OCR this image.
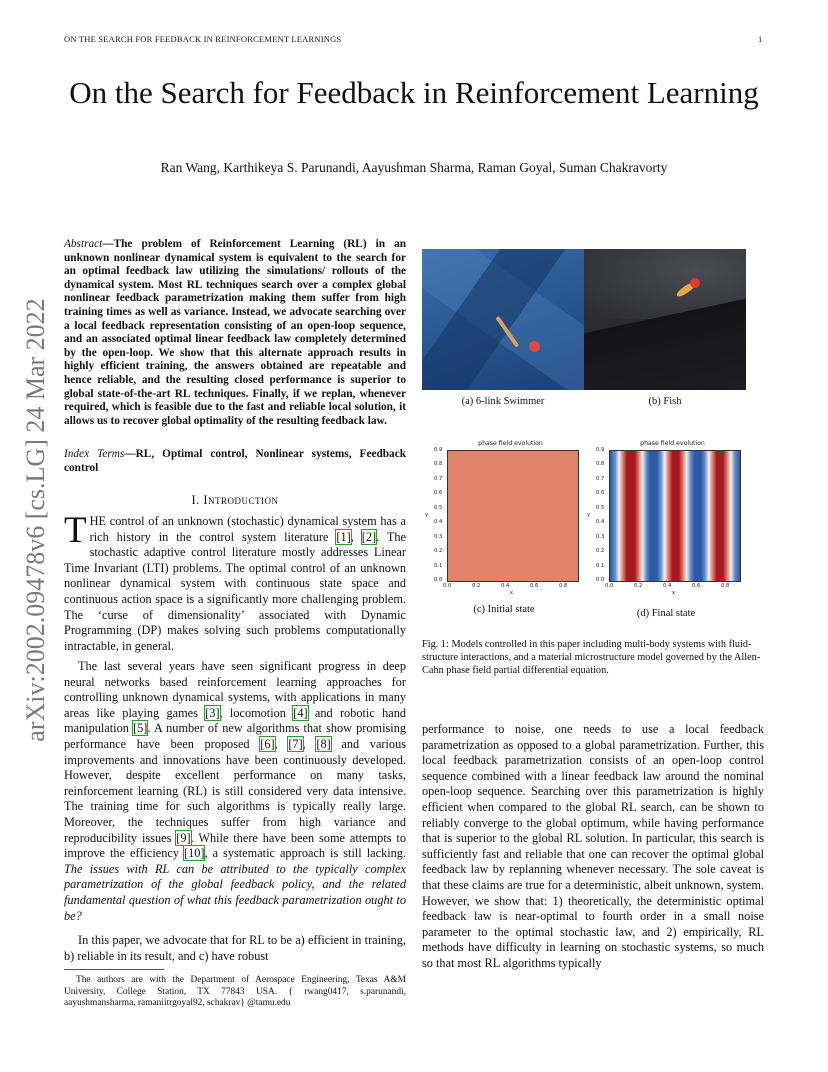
ON THE SEARCH FOR FEEDBACK IN REINFORCEMENT LEARNINGS	1
On the Search for Feedback in Reinforcement Learning
Ran Wang, Karthikeya S. Parunandi, Aayushman Sharma, Raman Goyal, Suman Chakravorty
arXiv:2002.09478v6 [cs.LG] 24 Mar 2022
Abstract—The problem of Reinforcement Learning (RL) in an unknown nonlinear dynamical system is equivalent to the search for an optimal feedback law utilizing the simulations/ rollouts of the dynamical system. Most RL techniques search over a complex global nonlinear feedback parametrization making them suffer from high training times as well as variance. Instead, we advocate searching over a local feedback representation consisting of an open-loop sequence, and an associated optimal linear feedback law completely determined by the open-loop. We show that this alternate approach results in highly efficient training, the answers obtained are repeatable and hence reliable, and the resulting closed performance is superior to global state-of-the-art RL techniques. Finally, if we replan, whenever required, which is feasible due to the fast and reliable local solution, it allows us to recover global optimality of the resulting feedback law.
Index Terms—RL, Optimal control, Nonlinear systems, Feedback control
I. Introduction
THE control of an unknown (stochastic) dynamical system has a rich history in the control system literature [1], [2]. The stochastic adaptive control literature mostly addresses Linear Time Invariant (LTI) problems. The optimal control of an unknown nonlinear dynamical system with continuous state space and continuous action space is a significantly more challenging problem. The ‘curse of dimensionality’ associated with Dynamic Programming (DP) makes solving such problems computationally intractable, in general.
The last several years have seen significant progress in deep neural networks based reinforcement learning approaches for controlling unknown dynamical systems, with applications in many areas like playing games [3], locomotion [4] and robotic hand manipulation [5]. A number of new algorithms that show promising performance have been proposed [6], [7], [8] and various improvements and innovations have been continuously developed. However, despite excellent performance on many tasks, reinforcement learning (RL) is still considered very data intensive. The training time for such algorithms is typically really large. Moreover, the techniques suffer from high variance and reproducibility issues [9]. While there have been some attempts to improve the efficiency [10], a systematic approach is still lacking. The issues with RL can be attributed to the typically complex parametrization of the global feedback policy, and the related fundamental question of what this feedback parametrization ought to be?
In this paper, we advocate that for RL to be a) efficient in training, b) reliable in its result, and c) have robust
The authors are with the Department of Aerospace Engineering, Texas A&M University, College Station, TX 77843 USA. { rwang0417, s.parunandi, aayushmansharma, ramaniitrgoyal92, schakrav} @tamu.edu
(a) 6-link Swimmer	(b) Fish
phase field evolution
0.0
0.1
0.2
0.3
0.4
0.5
0.6
0.7
0.8
0.9
y
0.0	0.2	0.4	0.6	0.8
x
phase field evolution
0.0
0.1
0.2
0.3
0.4
0.5
0.6
0.7
0.8
0.9
y
0.0	0.2	0.4	0.6	0.8
x
(c) Initial state	(d) Final state
Fig. 1: Models controlled in this paper including multi-body systems with fluid-structure interactions, and a material microstructure model governed by the Allen-Cahn phase field partial differential equation.
performance to noise, one needs to use a local feedback parametrization as opposed to a global parametrization. Further, this local feedback parametrization consists of an open-loop control sequence combined with a linear feedback law around the nominal open-loop sequence. Searching over this parametrization is highly efficient when compared to the global RL search, can be shown to reliably converge to the global optimum, while having performance that is superior to the global RL solution. In particular, this search is sufficiently fast and reliable that one can recover the optimal global feedback law by replanning whenever necessary. The sole caveat is that these claims are true for a deterministic, albeit unknown, system. However, we show that: 1) theoretically, the deterministic optimal feedback law is near-optimal to fourth order in a small noise parameter to the optimal stochastic law, and 2) empirically, RL methods have difficulty in learning on stochastic systems, so much so that most RL algorithms typically
